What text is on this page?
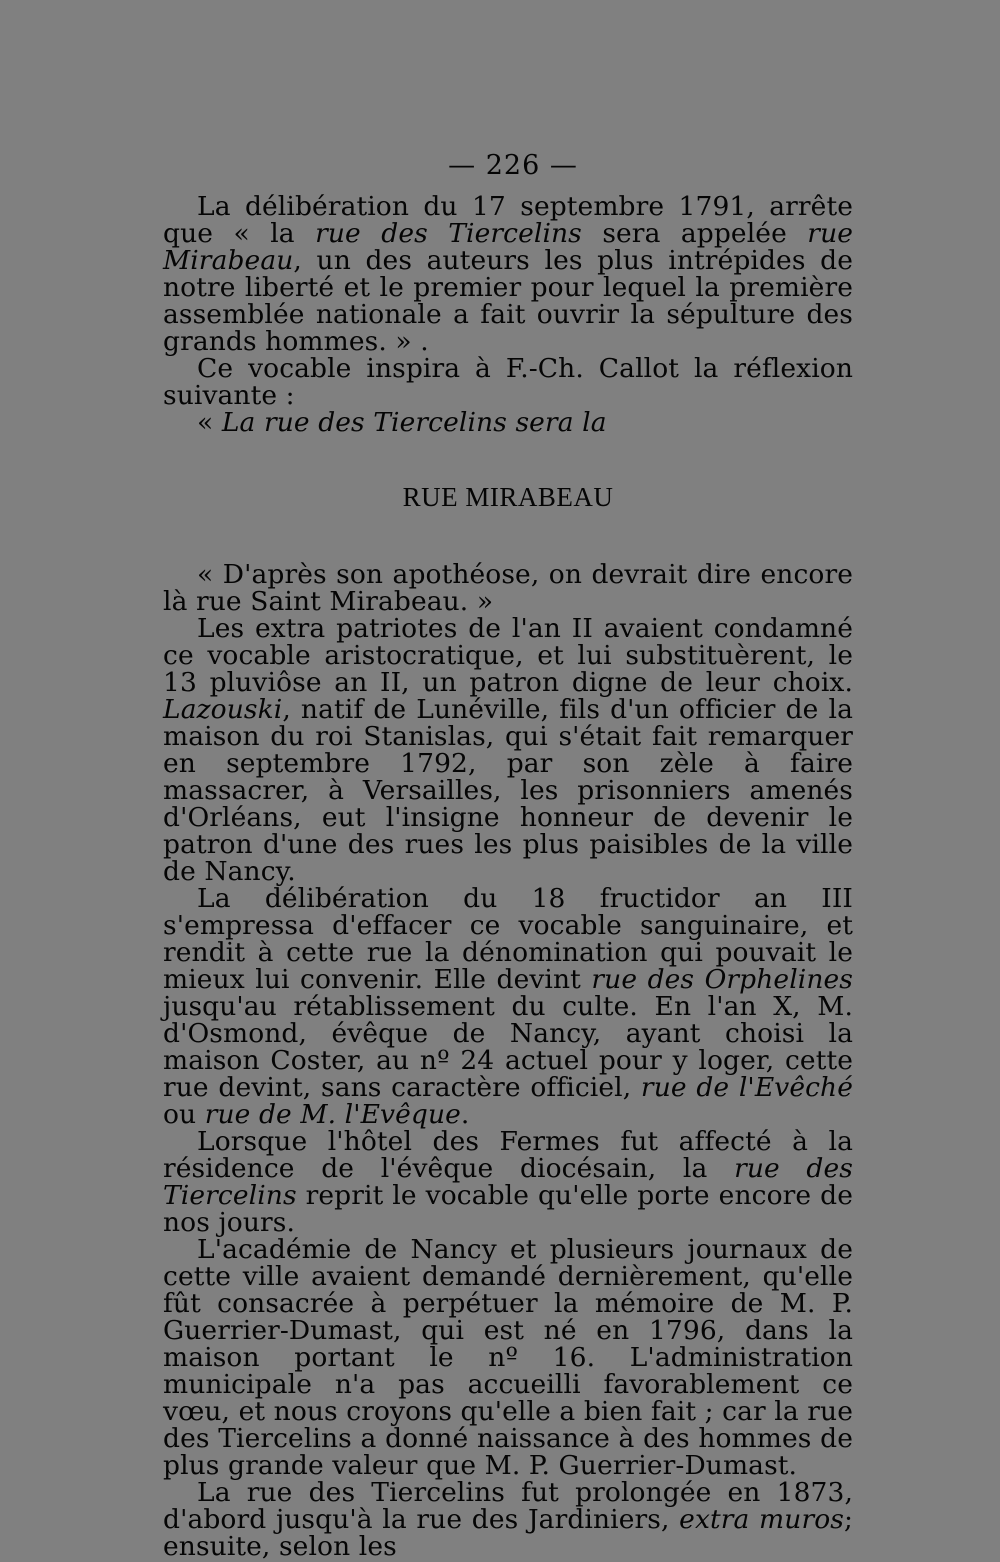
— 226 —

La délibération du 17 septembre 1791, arrête que « la rue des Tiercelins sera appelée rue Mirabeau, un des auteurs les plus intrépides de notre liberté et le premier pour lequel la première assemblée nationale a fait ouvrir la sépulture des grands hommes. » .

Ce vocable inspira à F.-Ch. Callot la réflexion suivante :

« La rue des Tiercelins sera la

RUE MIRABEAU

« D'après son apothéose, on devrait dire encore là rue Saint Mirabeau. »

Les extra patriotes de l'an II avaient condamné ce vocable aristocratique, et lui substituèrent, le 13 pluviôse an II, un patron digne de leur choix. Lazouski, natif de Lunéville, fils d'un officier de la maison du roi Stanislas, qui s'était fait remarquer en septembre 1792, par son zèle à faire massacrer, à Versailles, les prisonniers amenés d'Orléans, eut l'insigne honneur de devenir le patron d'une des rues les plus paisibles de la ville de Nancy.

La délibération du 18 fructidor an III s'empressa d'effacer ce vocable sanguinaire, et rendit à cette rue la dénomination qui pouvait le mieux lui convenir. Elle devint rue des Orphelines jusqu'au rétablissement du culte. En l'an X, M. d'Osmond, évêque de Nancy, ayant choisi la maison Coster, au nº 24 actuel pour y loger, cette rue devint, sans caractère officiel, rue de l'Evêché ou rue de M. l'Evêque.

Lorsque l'hôtel des Fermes fut affecté à la résidence de l'évêque diocésain, la rue des Tiercelins reprit le vocable qu'elle porte encore de nos jours.

L'académie de Nancy et plusieurs journaux de cette ville avaient demandé dernièrement, qu'elle fût consacrée à perpétuer la mémoire de M. P. Guerrier-Dumast, qui est né en 1796, dans la maison portant le nº 16. L'administration municipale n'a pas accueilli favorablement ce vœu, et nous croyons qu'elle a bien fait ; car la rue des Tiercelins a donné naissance à des hommes de plus grande valeur que M. P. Guerrier-Dumast.

La rue des Tiercelins fut prolongée en 1873, d'abord jusqu'à la rue des Jardiniers, extra muros; ensuite, selon les
